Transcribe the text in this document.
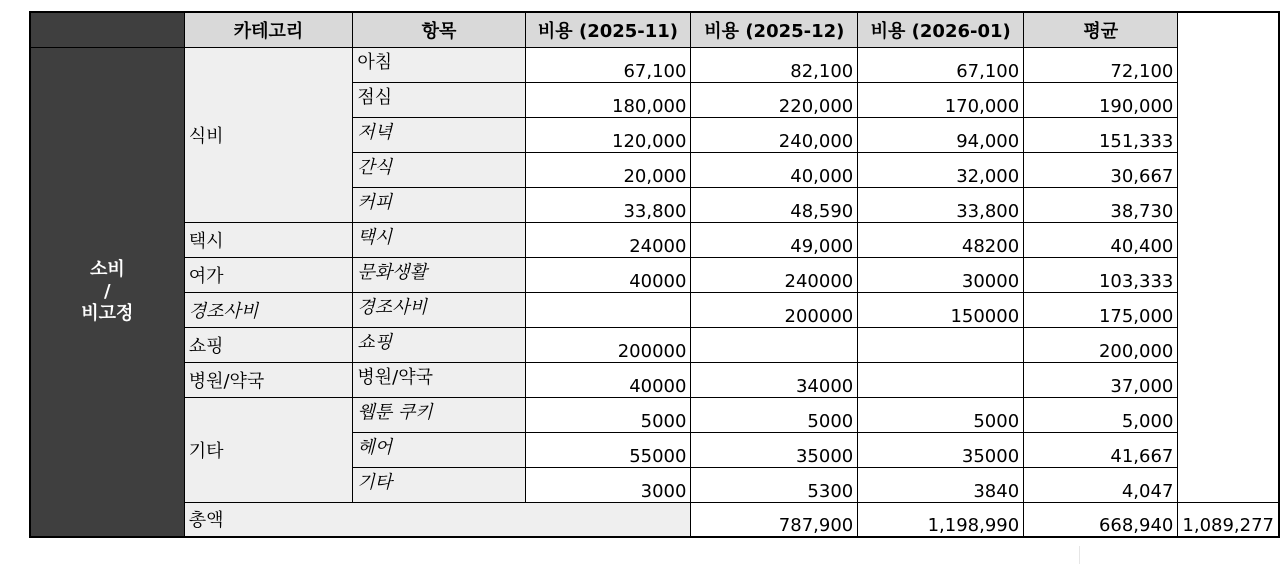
	카테고리	항목	비용 (2025-11)	비용 (2025-12)	비용 (2026-01)	평균	

소비
/
비고정	식비	아침	67,100	82,100	67,100	72,100	
		점심	180,000	220,000	170,000	190,000	
		저녁	120,000	240,000	94,000	151,333	
		간식	20,000	40,000	32,000	30,667	
		커피	33,800	48,590	33,800	38,730	
	택시	택시	24000	49,000	48200	40,400	
	여가	문화생활	40000	240000	30000	103,333	
	경조사비	경조사비		200000	150000	175,000	
	쇼핑	쇼핑	200000			200,000	
	병원/약국	병원/약국	40000	34000		37,000	
	기타	웹툰 쿠키	5000	5000	5000	5,000	
		헤어	55000	35000	35000	41,667	
		기타	3000	5300	3840	4,047	
	총액			787,900	1,198,990	668,940	1,089,277
